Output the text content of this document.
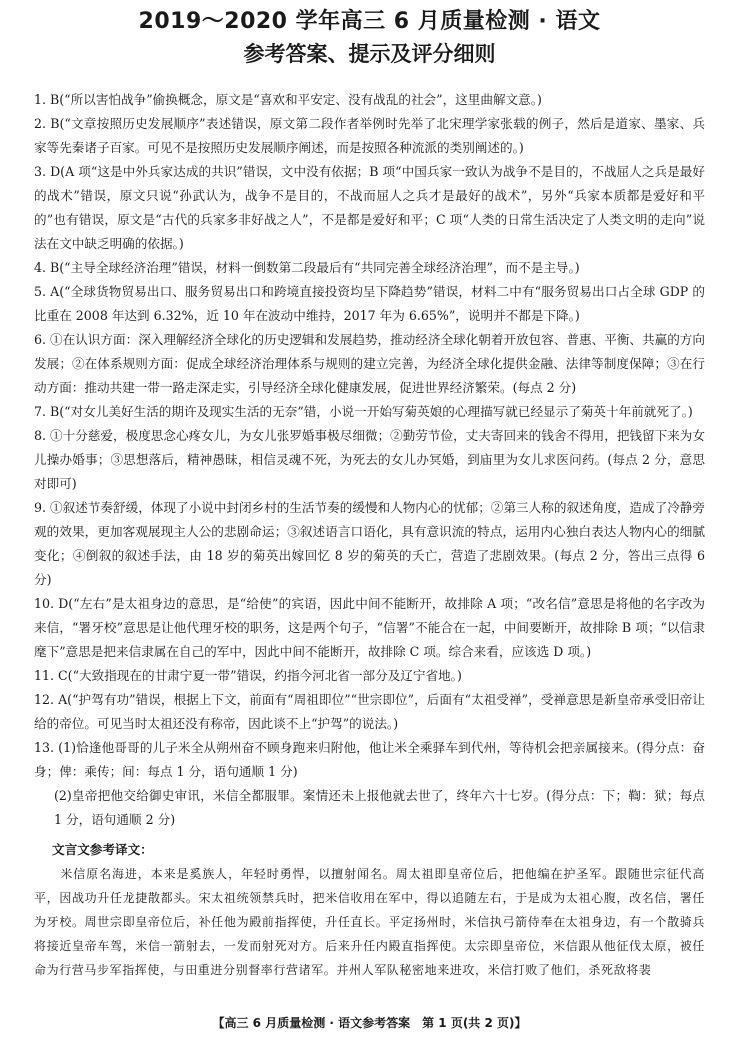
2019～2020 学年高三 6 月质量检测 · 语文
参考答案、提示及评分细则

1. B(“所以害怕战争”偷换概念，原文是“喜欢和平安定、没有战乱的社会”，这里曲解文意。)

2. B(“文章按照历史发展顺序”表述错误，原文第二段作者举例时先举了北宋理学家张载的例子，然后是道家、墨家、兵家等先秦诸子百家。可见不是按照历史发展顺序阐述，而是按照各种流派的类别阐述的。)

3. D(A 项“这是中外兵家达成的共识”错误，文中没有依据；B 项“中国兵家一致认为战争不是目的，不战屈人之兵是最好的战术”错误，原文只说“孙武认为，战争不是目的，不战而屈人之兵才是最好的战术”，另外“兵家本质都是爱好和平的”也有错误，原文是“古代的兵家多非好战之人”，不是都是爱好和平；C 项“人类的日常生活决定了人类文明的走向”说法在文中缺乏明确的依据。)

4. B(“主导全球经济治理”错误，材料一倒数第二段最后有“共同完善全球经济治理”，而不是主导。)

5. A(“全球货物贸易出口、服务贸易出口和跨境直接投资均呈下降趋势”错误，材料二中有“服务贸易出口占全球 GDP 的比重在 2008 年达到 6.32%，近 10 年在波动中维持，2017 年为 6.65%”，说明并不都是下降。)

6. ①在认识方面：深入理解经济全球化的历史逻辑和发展趋势，推动经济全球化朝着开放包容、普惠、平衡、共赢的方向发展；②在体系规则方面：促成全球经济治理体系与规则的建立完善，为经济全球化提供金融、法律等制度保障；③在行动方面：推动共建一带一路走深走实，引导经济全球化健康发展，促进世界经济繁荣。(每点 2 分)

7. B(“对女儿美好生活的期许及现实生活的无奈”错，小说一开始写菊英娘的心理描写就已经显示了菊英十年前就死了。)

8. ①十分慈爱，极度思念心疼女儿，为女儿张罗婚事极尽细微；②勤劳节俭，丈夫寄回来的钱舍不得用，把钱留下来为女儿操办婚事；③思想落后，精神愚昧，相信灵魂不死，为死去的女儿办冥婚，到庙里为女儿求医问药。(每点 2 分，意思对即可)

9. ①叙述节奏舒缓，体现了小说中封闭乡村的生活节奏的缓慢和人物内心的忧郁；②第三人称的叙述角度，造成了冷静旁观的效果，更加客观展现主人公的悲剧命运；③叙述语言口语化，具有意识流的特点，运用内心独白表达人物内心的细腻变化；④倒叙的叙述手法，由 18 岁的菊英出嫁回忆 8 岁的菊英的夭亡，营造了悲剧效果。(每点 2 分，答出三点得 6 分)

10. D(“左右”是太祖身边的意思，是“给使”的宾语，因此中间不能断开，故排除 A 项；“改名信”意思是将他的名字改为来信，“署牙校”意思是让他代理牙校的职务，这是两个句子，“信署”不能合在一起，中间要断开，故排除 B 项；“以信隶麾下”意思是把来信隶属在自己的军中，因此中间不能断开，故排除 C 项。综合来看，应该选 D 项。)

11. C(“大致指现在的甘肃宁夏一带”错误，约指今河北省一部分及辽宁省地。)

12. A(“护驾有功”错误，根据上下文，前面有“周祖即位”“世宗即位”，后面有“太祖受禅”，受禅意思是新皇帝承受旧帝让给的帝位。可见当时太祖还没有称帝，因此谈不上“护驾”的说法。)

13. (1)恰逢他哥哥的儿子米全从朔州奋不顾身跑来归附他，他让米全乘驿车到代州，等待机会把亲属接来。(得分点：奋身；俾：乘传；间：每点 1 分，语句通顺 1 分)

(2)皇帝把他交给御史审讯，米信全都服罪。案情还未上报他就去世了，终年六十七岁。(得分点：下；鞫：狱；每点 1 分，语句通顺 2 分)

文言文参考译文：

米信原名海进，本来是奚族人，年轻时勇悍，以擅射闻名。周太祖即皇帝位后，把他编在护圣军。跟随世宗征代高平，因战功升任龙捷散都头。宋太祖统领禁兵时，把米信收用在军中，得以追随左右，于是成为太祖心腹，改名信，署任为牙校。周世宗即皇帝位后，补任他为殿前指挥使，升任直长。平定扬州时，米信执弓箭侍奉在太祖身边，有一个散骑兵将接近皇帝车驾，米信一箭射去，一发而射死对方。后来升任内殿直指挥使。太宗即皇帝位，米信跟从他征伐太原，被任命为行营马步军指挥使，与田重进分别督率行营诸军。并州人军队秘密地来进攻，米信打败了他们，杀死敌将裴

【高三 6 月质量检测 · 语文参考答案　第 1 页(共 2 页)】
